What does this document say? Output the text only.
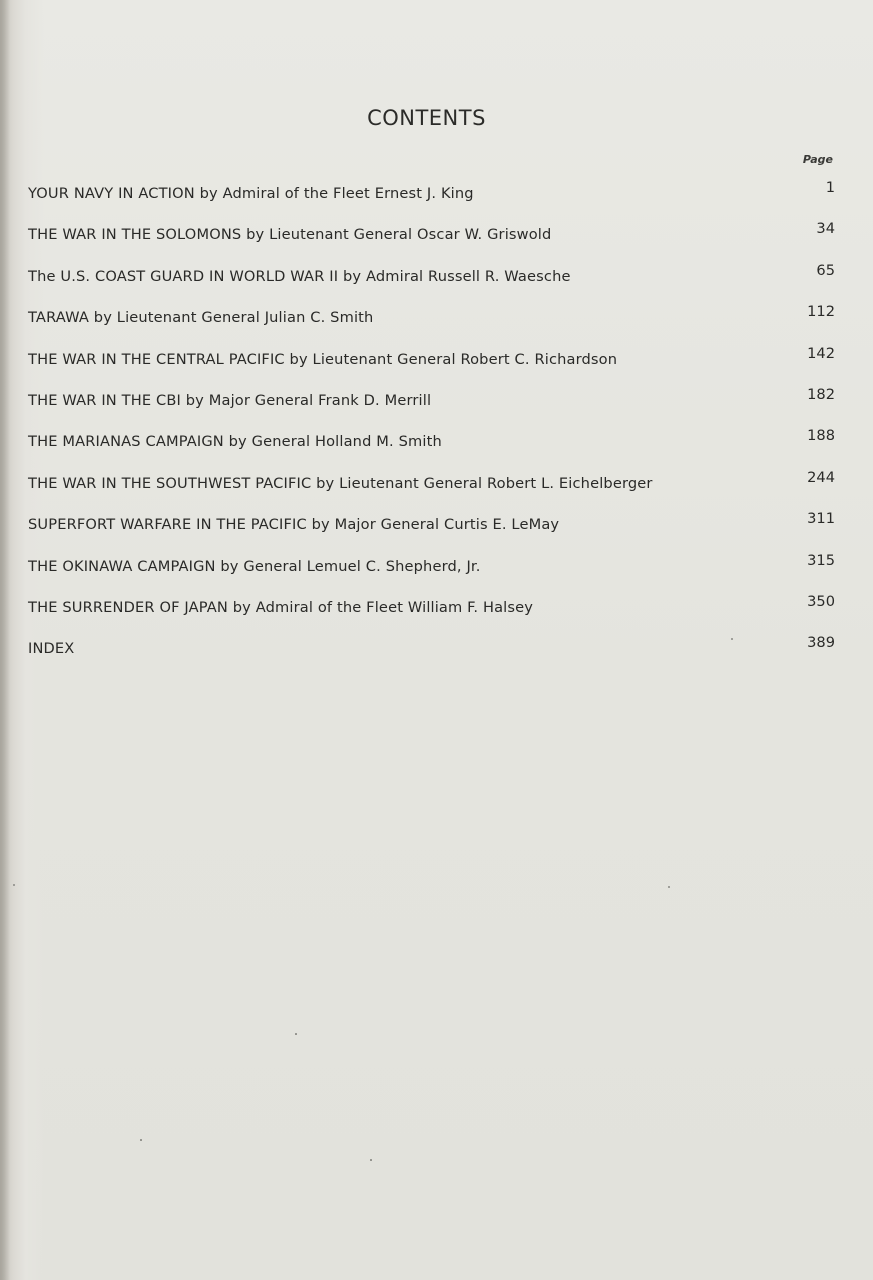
CONTENTS
Page
YOUR NAVY IN ACTION by Admiral of the Fleet Ernest J. King	1
THE WAR IN THE SOLOMONS by Lieutenant General Oscar W. Griswold	34
The U.S. COAST GUARD IN WORLD WAR II by Admiral Russell R. Waesche	65
TARAWA by Lieutenant General Julian C. Smith	112
THE WAR IN THE CENTRAL PACIFIC by Lieutenant General Robert C. Richardson	142
THE WAR IN THE CBI by Major General Frank D. Merrill	182
THE MARIANAS CAMPAIGN by General Holland M. Smith	188
THE WAR IN THE SOUTHWEST PACIFIC by Lieutenant General Robert L. Eichelberger	244
SUPERFORT WARFARE IN THE PACIFIC by Major General Curtis E. LeMay	311
THE OKINAWA CAMPAIGN by General Lemuel C. Shepherd, Jr.	315
THE SURRENDER OF JAPAN by Admiral of the Fleet William F. Halsey	350
INDEX	389
